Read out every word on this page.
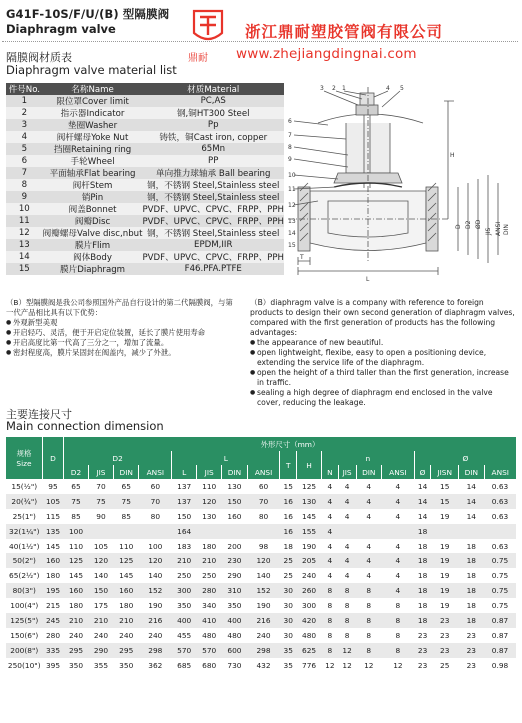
G41F-10S/F/U/(B) 型隔膜阀
Diaphragm valve
鼎耐
浙江鼎耐塑胶管阀有限公司
www.zhejiangdingnai.com
隔膜阀材质表
Diaphragm valve material list
件号No.	名称Name	材质Material
1	限位罩Cover limit	PC,AS
2	指示器Indicator	钢,铜HT300 Steel
3	垫圈Washer	Pp
4	阀杆螺母Yoke Nut	铸铁，铜Cast iron, copper
5	挡圈Retaining ring	65Mn
6	手轮Wheel	PP
7	平面轴承Flat bearing	单向推力球轴承 Ball bearing
8	阀杆Stem	钢，不锈钢 Steel,Stainless steel
9	销Pin	钢，不锈钢 Steel,Stainless steel
10	阀盖Bonnet	PVDF、UPVC、CPVC、FRPP、PPH
11	阀瓣Disc	PVDF、UPVC、CPVC、FRPP、PPH
12	阀瓣螺母Valve disc,nbut	钢，不锈钢 Steel,Stainless steel
13	膜片Flim	EPDM,IIR
14	阀体Body	PVDF、UPVC、CPVC、FRPP、PPH
15	膜片Diaphragm	F46.PFA.PTFE
3 2 1	4 5
6
7
8
9
10
11
12
13
14
15
H
D D2 ØD
JIS ANSI DIN
L
T
（B）型隔膜阀是我公司参照国外产品自行设计的第二代隔膜阀，与第一代产品相比具有以下优势：
● 外观新型美观
● 开启轻巧、灵活，便于开启定位装置，延长了膜片使用寿命
● 开启高度比第一代高了三分之一，增加了流量。
● 密封程度高，膜片呆固封在阀盖内，减少了外泄。
（B）diaphragm valve is a company with reference to foreign products to design their own second generation of diaphragm valves, compared with the first generation of products has the following advantages:
● the appearance of new beautiful.
● open lightweight, flexibe, easy to open a positioning device, extending the service life of the diaphragm.
● open the height of a third taller than the first generation, increase in traffic.
● sealing a high degree of diaphragm end enclosed in the valve cover, reducing the leakage.
主要连接尺寸
Main connection dimension
规格
Size	D	外形尺寸（mm）																	
		D2				L				T	H	n				Ø			
		D2	JIS	DIN	ANSI	L	JIS	DIN	ANSI			N	JIS	DIN	ANSI	Ø	JISN	DIN	ANSI
15(½")	95	65	70	65	60	137	110	130	60	15	125	4	4	4	4	14	15	14	0.63
20(¾")	105	75	75	75	70	137	120	150	70	16	130	4	4	4	4	14	15	14	0.63
25(1")	115	85	90	85	80	150	130	160	80	16	145	4	4	4	4	14	19	14	0.63
32(1¼")	135	100				164				16	155	4				18			
40(1½")	145	110	105	110	100	183	180	200	98	18	190	4	4	4	4	18	19	18	0.63
50(2")	160	125	120	125	120	210	210	230	120	25	205	4	4	4	4	18	19	18	0.75
65(2½")	180	145	140	145	140	250	250	290	140	25	240	4	4	4	4	18	19	18	0.75
80(3")	195	160	150	160	152	300	280	310	152	30	260	8	8	8	4	18	19	18	0.75
100(4")	215	180	175	180	190	350	340	350	190	30	300	8	8	8	8	18	19	18	0.75
125(5")	245	210	210	210	216	400	410	400	216	30	420	8	8	8	8	18	23	18	0.87
150(6")	280	240	240	240	240	455	480	480	240	30	480	8	8	8	8	23	23	23	0.87
200(8")	335	295	290	295	298	570	570	600	298	35	625	8	12	8	8	23	23	23	0.87
250(10")	395	350	355	350	362	685	680	730	432	35	776	12	12	12	12	23	25	23	0.98
